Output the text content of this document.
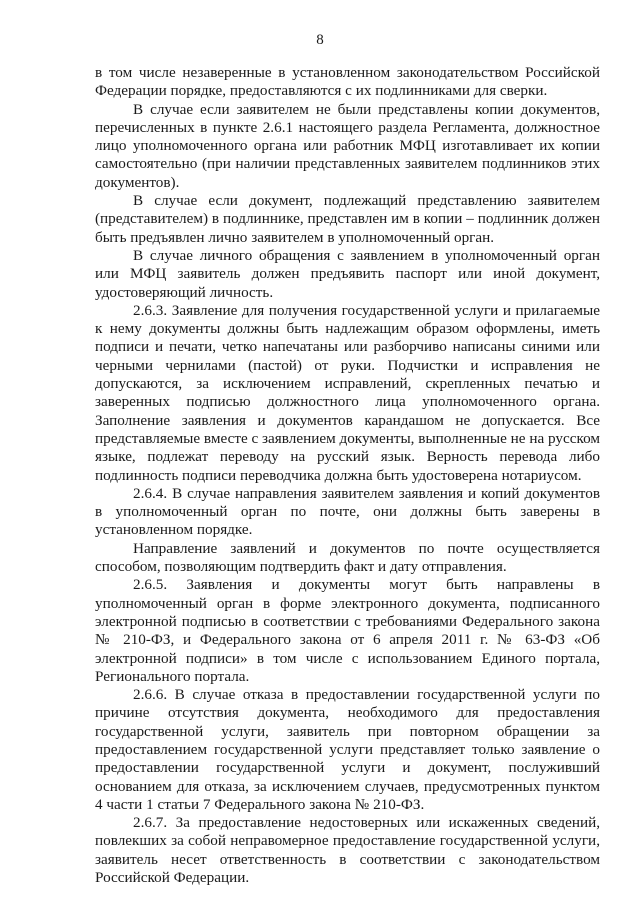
8

в том числе незаверенные в установленном законодательством Российской Федерации порядке, предоставляются с их подлинниками для сверки.

В случае если заявителем не были представлены копии документов, перечисленных в пункте 2.6.1 настоящего раздела Регламента, должностное лицо уполномоченного органа или работник МФЦ изготавливает их копии самостоятельно (при наличии представленных заявителем подлинников этих документов).

В случае если документ, подлежащий представлению заявителем (представителем) в подлиннике, представлен им в копии – подлинник должен быть предъявлен лично заявителем в уполномоченный орган.

В случае личного обращения с заявлением в уполномоченный орган или МФЦ заявитель должен предъявить паспорт или иной документ, удостоверяющий личность.

2.6.3. Заявление для получения государственной услуги и прилагаемые к нему документы должны быть надлежащим образом оформлены, иметь подписи и печати, четко напечатаны или разборчиво написаны синими или черными чернилами (пастой) от руки. Подчистки и исправления не допускаются, за исключением исправлений, скрепленных печатью и заверенных подписью должностного лица уполномоченного органа. Заполнение заявления и документов карандашом не допускается. Все представляемые вместе с заявлением документы, выполненные не на русском языке, подлежат переводу на русский язык. Верность перевода либо подлинность подписи переводчика должна быть удостоверена нотариусом.

2.6.4. В случае направления заявителем заявления и копий документов в уполномоченный орган по почте, они должны быть заверены в установленном порядке.

Направление заявлений и документов по почте осуществляется способом, позволяющим подтвердить факт и дату отправления.

2.6.5. Заявления и документы могут быть направлены в уполномоченный орган в форме электронного документа, подписанного электронной подписью в соответствии с требованиями Федерального закона № 210-ФЗ, и Федерального закона от 6 апреля 2011 г. № 63-ФЗ «Об электронной подписи» в том числе с использованием Единого портала, Регионального портала.

2.6.6. В случае отказа в предоставлении государственной услуги по причине отсутствия документа, необходимого для предоставления государственной услуги, заявитель при повторном обращении за предоставлением государственной услуги представляет только заявление о предоставлении государственной услуги и документ, послуживший основанием для отказа, за исключением случаев, предусмотренных пунктом 4 части 1 статьи 7 Федерального закона № 210-ФЗ.

2.6.7. За предоставление недостоверных или искаженных сведений, повлекших за собой неправомерное предоставление государственной услуги, заявитель несет ответственность в соответствии с законодательством Российской Федерации.
